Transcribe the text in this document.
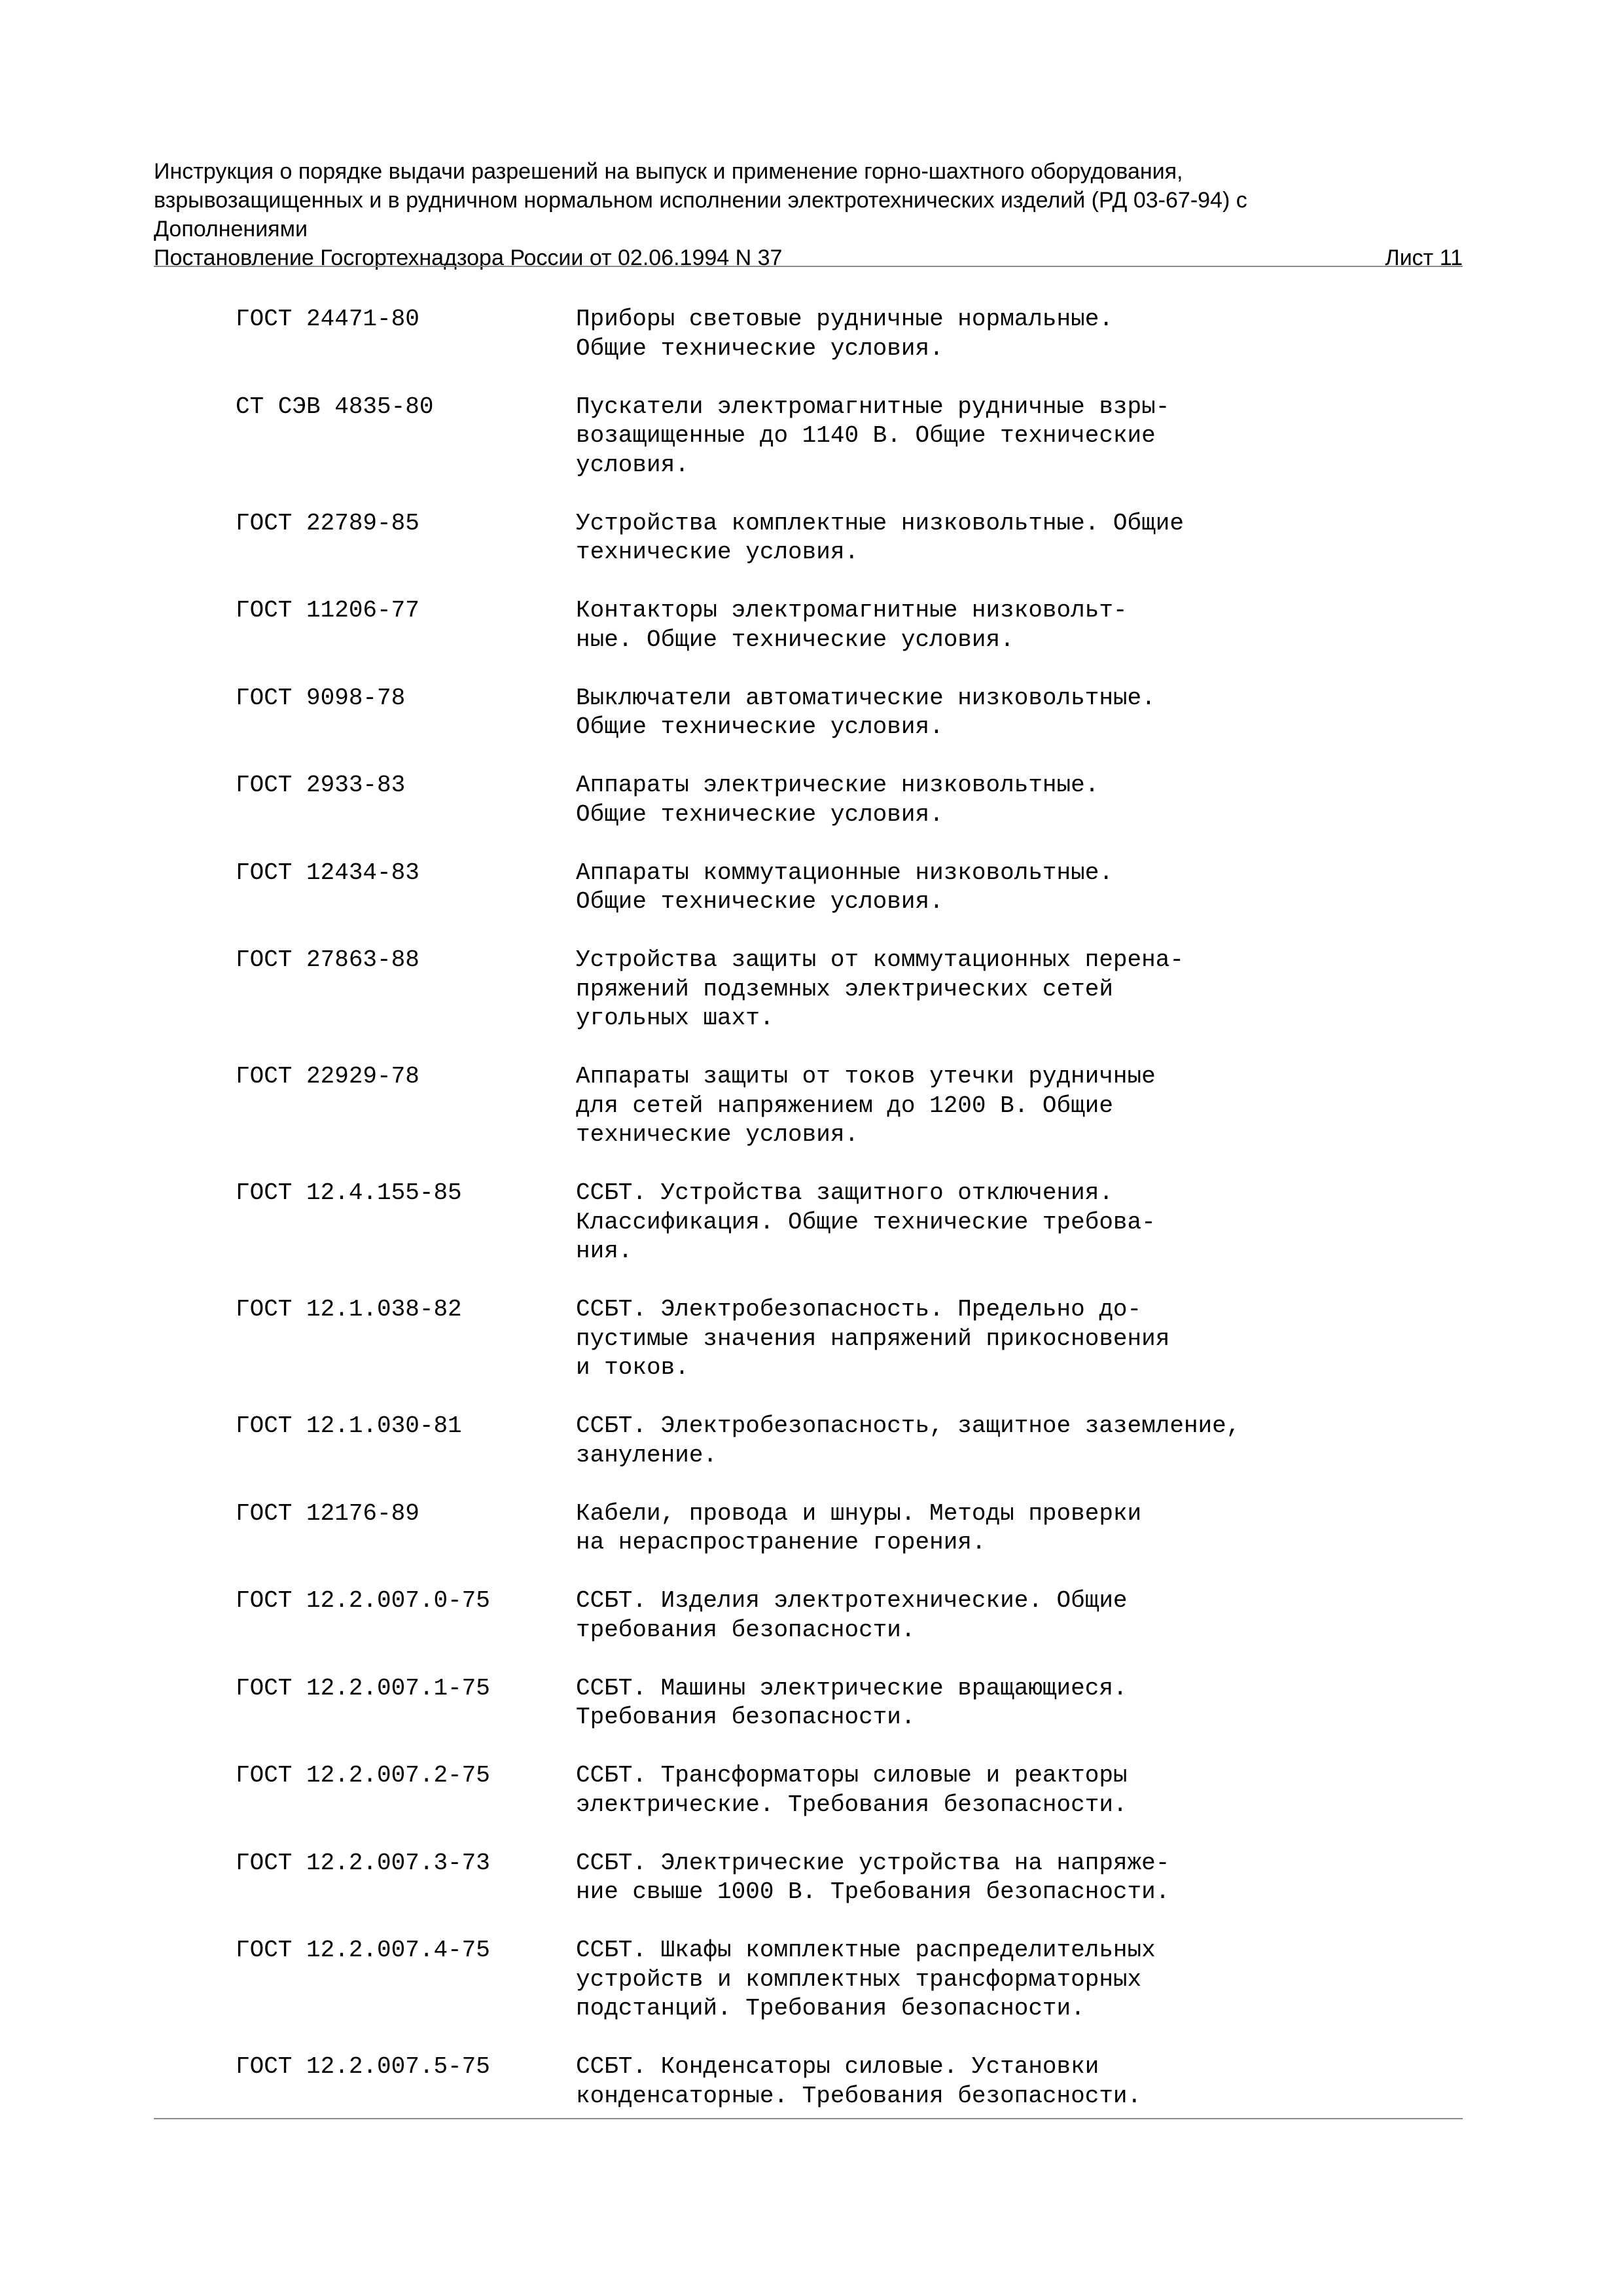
Инструкция о порядке выдачи разрешений на выпуск и применение горно-шахтного оборудования,
взрывозащищенных и в рудничном нормальном исполнении электротехнических изделий (РД 03-67-94) с
Дополнениями
Постановление Госгортехнадзора России от 02.06.1994 N 37	Лист 11
ГОСТ 24471-80	Приборы световые рудничные нормальные.
Общие технические условия.
СТ СЭВ 4835-80	Пускатели электромагнитные рудничные взры-
возащищенные до 1140 В. Общие технические
условия.
ГОСТ 22789-85	Устройства комплектные низковольтные. Общие
технические условия.
ГОСТ 11206-77	Контакторы электромагнитные низковольт-
ные. Общие технические условия.
ГОСТ 9098-78	Выключатели автоматические низковольтные.
Общие технические условия.
ГОСТ 2933-83	Аппараты электрические низковольтные.
Общие технические условия.
ГОСТ 12434-83	Аппараты коммутационные низковольтные.
Общие технические условия.
ГОСТ 27863-88	Устройства защиты от коммутационных перена-
пряжений подземных электрических сетей
угольных шахт.
ГОСТ 22929-78	Аппараты защиты от токов утечки рудничные
для сетей напряжением до 1200 В. Общие
технические условия.
ГОСТ 12.4.155-85	ССБТ. Устройства защитного отключения.
Классификация. Общие технические требова-
ния.
ГОСТ 12.1.038-82	ССБТ. Электробезопасность. Предельно до-
пустимые значения напряжений прикосновения
и токов.
ГОСТ 12.1.030-81	ССБТ. Электробезопасность, защитное заземление,
зануление.
ГОСТ 12176-89	Кабели, провода и шнуры. Методы проверки
на нераспространение горения.
ГОСТ 12.2.007.0-75	ССБТ. Изделия электротехнические. Общие
требования безопасности.
ГОСТ 12.2.007.1-75	ССБТ. Машины электрические вращающиеся.
Требования безопасности.
ГОСТ 12.2.007.2-75	ССБТ. Трансформаторы силовые и реакторы
электрические. Требования безопасности.
ГОСТ 12.2.007.3-73	ССБТ. Электрические устройства на напряже-
ние свыше 1000 В. Требования безопасности.
ГОСТ 12.2.007.4-75	ССБТ. Шкафы комплектные распределительных
устройств и комплектных трансформаторных
подстанций. Требования безопасности.
ГОСТ 12.2.007.5-75	ССБТ. Конденсаторы силовые. Установки
конденсаторные. Требования безопасности.
